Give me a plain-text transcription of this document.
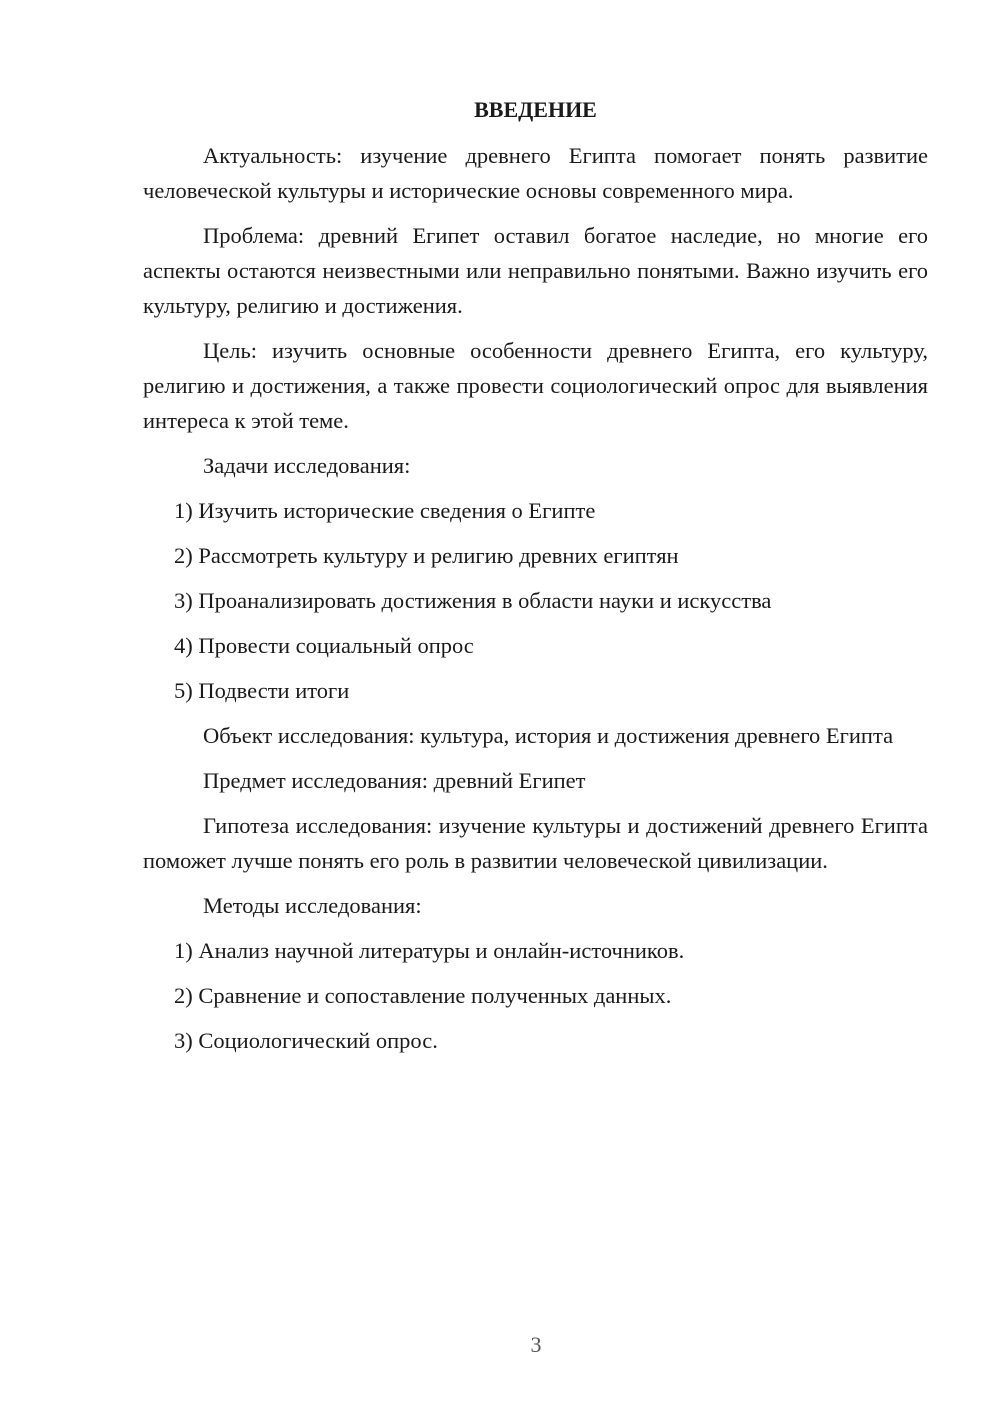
ВВЕДЕНИЕ

Актуальность: изучение древнего Египта помогает понять развитие человеческой культуры и исторические основы современного мира.

Проблема: древний Египет оставил богатое наследие, но многие его аспекты остаются неизвестными или неправильно понятыми. Важно изучить его культуру, религию и достижения.

Цель: изучить основные особенности древнего Египта, его культуру, религию и достижения, а также провести социологический опрос для выявления интереса к этой теме.

Задачи исследования:

1) Изучить исторические сведения о Египте

2) Рассмотреть культуру и религию древних египтян

3) Проанализировать достижения в области науки и искусства

4) Провести социальный опрос

5) Подвести итоги

Объект исследования: культура, история и достижения древнего Египта

Предмет исследования: древний Египет

Гипотеза исследования: изучение культуры и достижений древнего Египта поможет лучше понять его роль в развитии человеческой цивилизации.

Методы исследования:

1) Анализ научной литературы и онлайн-источников.

2) Сравнение и сопоставление полученных данных.

3) Социологический опрос.

3
